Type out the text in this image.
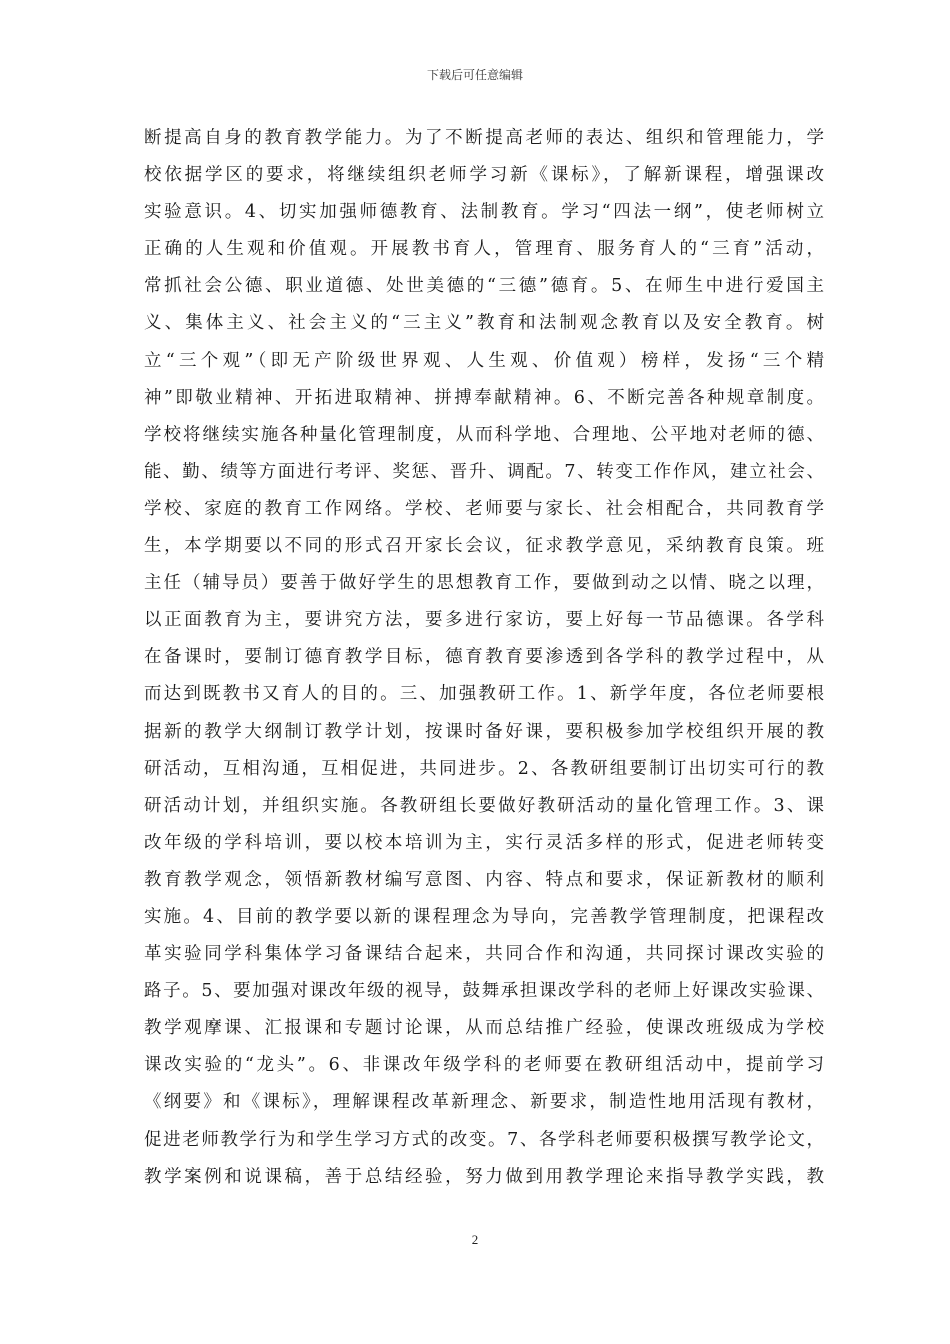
下载后可任意编辑
断提高自身的教育教学能力。为了不断提高老师的表达、组织和管理能力，学
校依据学区的要求，将继续组织老师学习新《课标》，了解新课程，增强课改
实验意识。4、切实加强师德教育、法制教育。学习“四法一纲”，使老师树立
正确的人生观和价值观。开展教书育人，管理育、服务育人的“三育”活动，
常抓社会公德、职业道德、处世美德的“三德”德育。5、在师生中进行爱国主
义、集体主义、社会主义的“三主义”教育和法制观念教育以及安全教育。树
立“三个观”（即无产阶级世界观、人生观、价值观）榜样，发扬“三个精
神”即敬业精神、开拓进取精神、拼搏奉献精神。6、不断完善各种规章制度。
学校将继续实施各种量化管理制度，从而科学地、合理地、公平地对老师的德、
能、勤、绩等方面进行考评、奖惩、晋升、调配。7、转变工作作风，建立社会、
学校、家庭的教育工作网络。学校、老师要与家长、社会相配合，共同教育学
生，本学期要以不同的形式召开家长会议，征求教学意见，采纳教育良策。班
主任（辅导员）要善于做好学生的思想教育工作，要做到动之以情、晓之以理，
以正面教育为主，要讲究方法，要多进行家访，要上好每一节品德课。各学科
在备课时，要制订德育教学目标，德育教育要渗透到各学科的教学过程中，从
而达到既教书又育人的目的。三、加强教研工作。1、新学年度，各位老师要根
据新的教学大纲制订教学计划，按课时备好课，要积极参加学校组织开展的教
研活动，互相沟通，互相促进，共同进步。2、各教研组要制订出切实可行的教
研活动计划，并组织实施。各教研组长要做好教研活动的量化管理工作。3、课
改年级的学科培训，要以校本培训为主，实行灵活多样的形式，促进老师转变
教育教学观念，领悟新教材编写意图、内容、特点和要求，保证新教材的顺利
实施。4、目前的教学要以新的课程理念为导向，完善教学管理制度，把课程改
革实验同学科集体学习备课结合起来，共同合作和沟通，共同探讨课改实验的
路子。5、要加强对课改年级的视导，鼓舞承担课改学科的老师上好课改实验课、
教学观摩课、汇报课和专题讨论课，从而总结推广经验，使课改班级成为学校
课改实验的“龙头”。6、非课改年级学科的老师要在教研组活动中，提前学习
《纲要》和《课标》，理解课程改革新理念、新要求，制造性地用活现有教材，
促进老师教学行为和学生学习方式的改变。7、各学科老师要积极撰写教学论文，
教学案例和说课稿，善于总结经验，努力做到用教学理论来指导教学实践，教
2
